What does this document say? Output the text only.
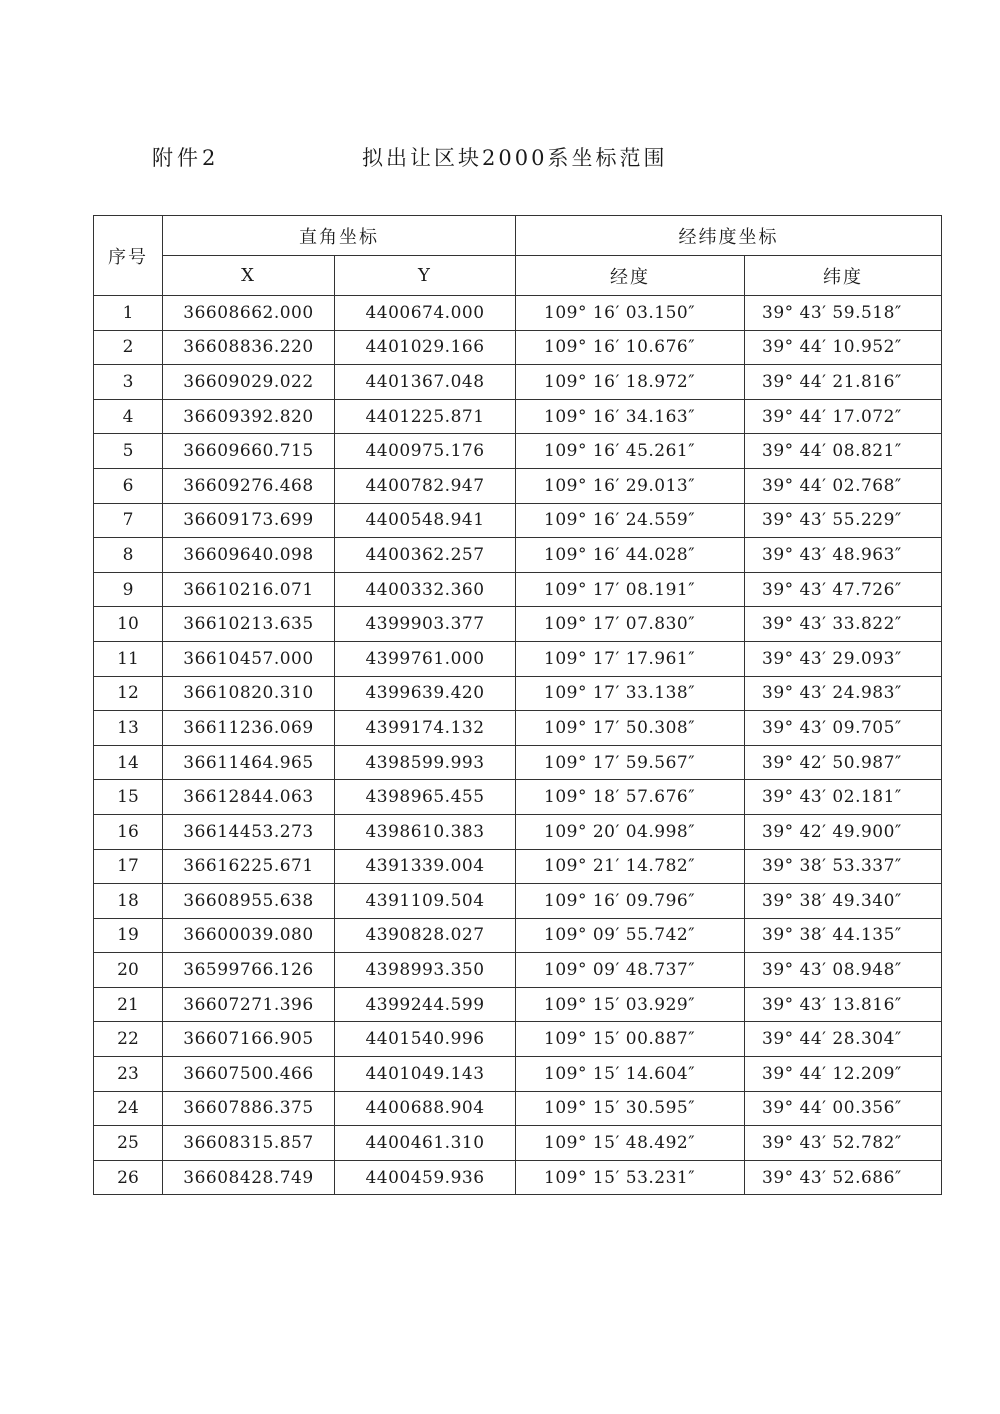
附件2	拟出让区块2000系坐标范围
序号	直角坐标		经纬度坐标	
	X	Y	经度	纬度
1	36608662.000	4400674.000	109° 16′ 03.150″	39° 43′ 59.518″
2	36608836.220	4401029.166	109° 16′ 10.676″	39° 44′ 10.952″
3	36609029.022	4401367.048	109° 16′ 18.972″	39° 44′ 21.816″
4	36609392.820	4401225.871	109° 16′ 34.163″	39° 44′ 17.072″
5	36609660.715	4400975.176	109° 16′ 45.261″	39° 44′ 08.821″
6	36609276.468	4400782.947	109° 16′ 29.013″	39° 44′ 02.768″
7	36609173.699	4400548.941	109° 16′ 24.559″	39° 43′ 55.229″
8	36609640.098	4400362.257	109° 16′ 44.028″	39° 43′ 48.963″
9	36610216.071	4400332.360	109° 17′ 08.191″	39° 43′ 47.726″
10	36610213.635	4399903.377	109° 17′ 07.830″	39° 43′ 33.822″
11	36610457.000	4399761.000	109° 17′ 17.961″	39° 43′ 29.093″
12	36610820.310	4399639.420	109° 17′ 33.138″	39° 43′ 24.983″
13	36611236.069	4399174.132	109° 17′ 50.308″	39° 43′ 09.705″
14	36611464.965	4398599.993	109° 17′ 59.567″	39° 42′ 50.987″
15	36612844.063	4398965.455	109° 18′ 57.676″	39° 43′ 02.181″
16	36614453.273	4398610.383	109° 20′ 04.998″	39° 42′ 49.900″
17	36616225.671	4391339.004	109° 21′ 14.782″	39° 38′ 53.337″
18	36608955.638	4391109.504	109° 16′ 09.796″	39° 38′ 49.340″
19	36600039.080	4390828.027	109° 09′ 55.742″	39° 38′ 44.135″
20	36599766.126	4398993.350	109° 09′ 48.737″	39° 43′ 08.948″
21	36607271.396	4399244.599	109° 15′ 03.929″	39° 43′ 13.816″
22	36607166.905	4401540.996	109° 15′ 00.887″	39° 44′ 28.304″
23	36607500.466	4401049.143	109° 15′ 14.604″	39° 44′ 12.209″
24	36607886.375	4400688.904	109° 15′ 30.595″	39° 44′ 00.356″
25	36608315.857	4400461.310	109° 15′ 48.492″	39° 43′ 52.782″
26	36608428.749	4400459.936	109° 15′ 53.231″	39° 43′ 52.686″
